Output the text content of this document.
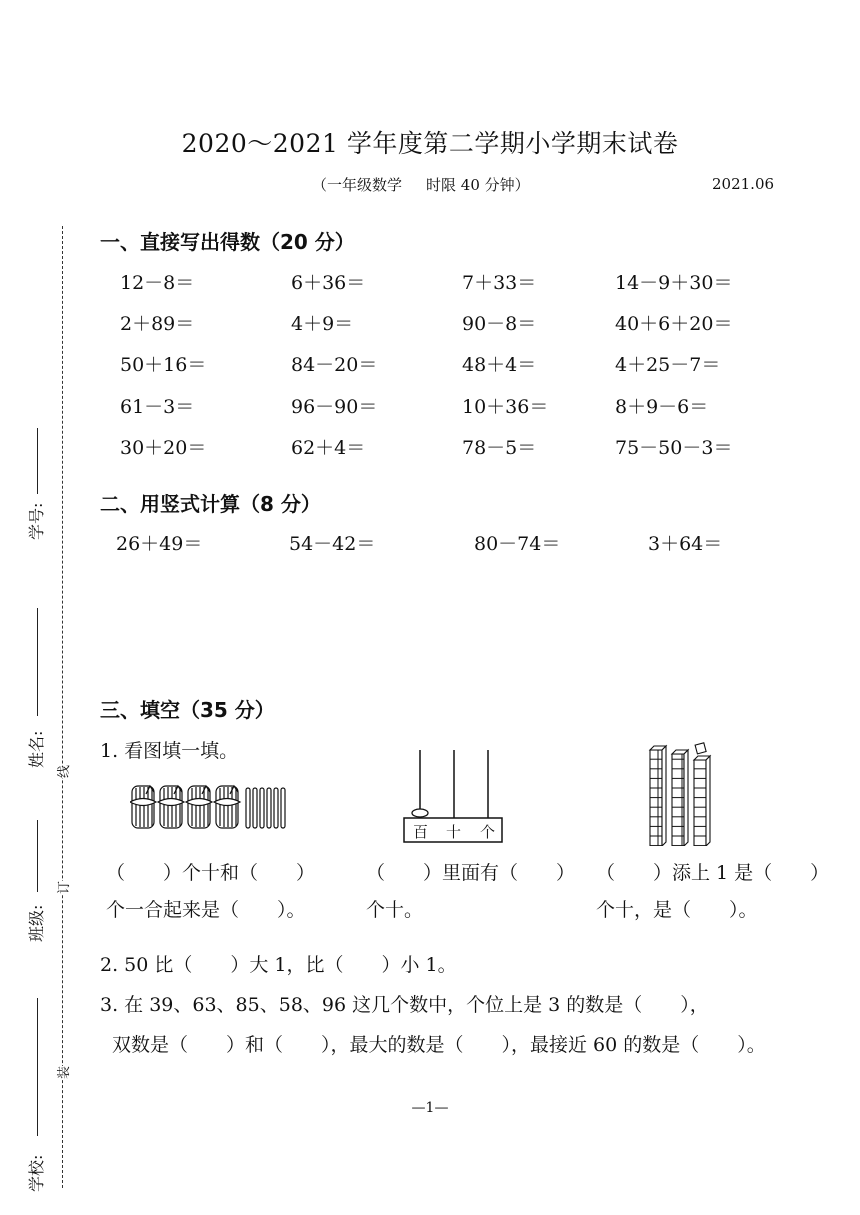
学号:
姓名:
班级:
学校:
线
订
装
2020～2021 学年度第二学期小学期末试卷
（一年级数学 时限 40 分钟）	2021.06
一、直接写出得数（20 分）
12－8＝	6＋36＝	7＋33＝	14－9＋30＝
2＋89＝	4＋9＝	90－8＝	40＋6＋20＝
50＋16＝	84－20＝	48＋4＝	4＋25－7＝
61－3＝	96－90＝	10＋36＝	8＋9－6＝
30＋20＝	62＋4＝	78－5＝	75－50－3＝
二、用竖式计算（8 分）
26＋49＝	54－42＝	80－74＝	3＋64＝
三、填空（35 分）
1. 看图填一填。
百 十 个
（　　）个十和（　　）
个一合起来是（　　）。
（　　）里面有（　　）
个十。
（　　）添上 1 是（　　）
个十，是（　　）。
2. 50 比（　　）大 1，比（　　）小 1。
3. 在 39、63、85、58、96 这几个数中，个位上是 3 的数是（　　），
双数是（　　）和（　　），最大的数是（　　），最接近 60 的数是（　　）。
—1—
